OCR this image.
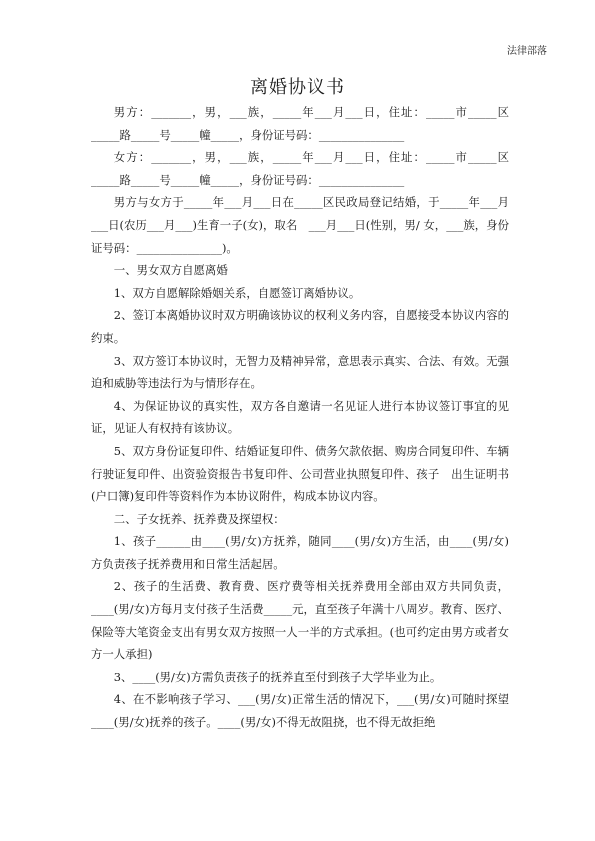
法律部落
离婚协议书

男方：_______，男，___族，_____年___月___日，住址：_____市_____区_____路_____号_____幢_____，身份证号码：_______________

女方：_______，男，___族，_____年___月___日，住址：_____市_____区_____路_____号_____幢_____，身份证号码：_______________

男方与女方于_____年___月___日在_____区民政局登记结婚，于_____年___月___日(农历___月___)生育一子(女)，取名　___月___日(性别，男/ 女，___族，身份证号码：_______________)。

一、男女双方自愿离婚

1、双方自愿解除婚姻关系，自愿签订离婚协议。

2、签订本离婚协议时双方明确该协议的权利义务内容，自愿接受本协议内容的约束。

3、双方签订本协议时，无智力及精神异常，意思表示真实、合法、有效。无强迫和威胁等违法行为与情形存在。

4、为保证协议的真实性，双方各自邀请一名见证人进行本协议签订事宜的见证，见证人有权持有该协议。

5、双方身份证复印件、结婚证复印件、债务欠款依据、购房合同复印件、车辆行驶证复印件、出资验资报告书复印件、公司营业执照复印件、孩子　出生证明书(户口簿)复印件等资料作为本协议附件，构成本协议内容。

二、子女抚养、抚养费及探望权：

1、孩子______由____(男/女)方抚养，随同____(男/女)方生活，由____(男/女)方负责孩子抚养费用和日常生活起居。

2、孩子的生活费、教育费、医疗费等相关抚养费用全部由双方共同负责，____(男/女)方每月支付孩子生活费_____元，直至孩子年满十八周岁。教育、医疗、保险等大笔资金支出有男女双方按照一人一半的方式承担。(也可约定由男方或者女方一人承担)

3、____(男/女)方需负责孩子的抚养直至付到孩子大学毕业为止。

4、在不影响孩子学习、___(男/女)正常生活的情况下，___(男/女)可随时探望____(男/女)抚养的孩子。____(男/女)不得无故阻挠，也不得无故拒绝
